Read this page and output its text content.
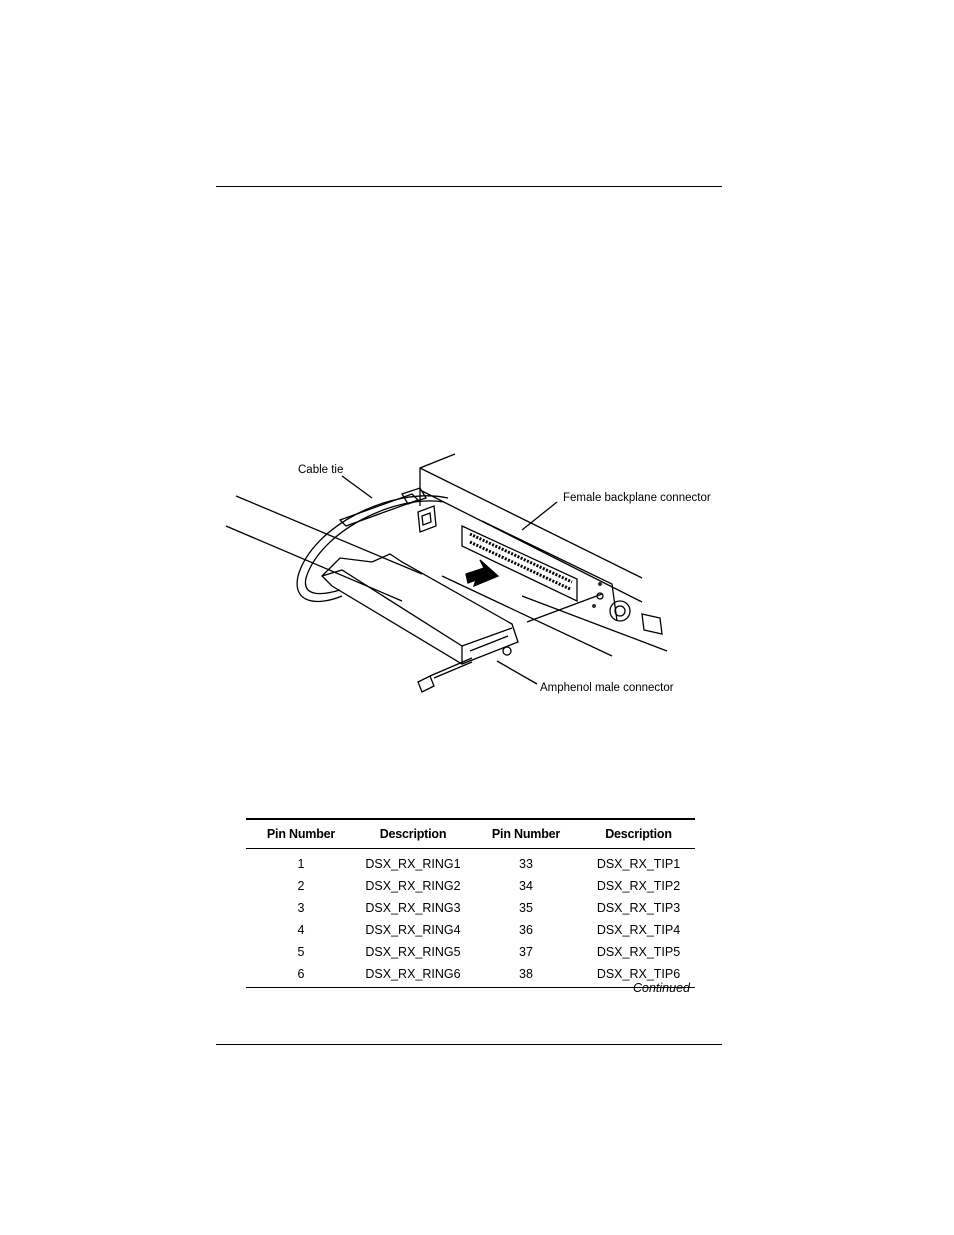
Cable tie
Female backplane connector
Amphenol male connector
Pin Number	Description	Pin Number	Description
1	DSX_RX_RING1	33	DSX_RX_TIP1
2	DSX_RX_RING2	34	DSX_RX_TIP2
3	DSX_RX_RING3	35	DSX_RX_TIP3
4	DSX_RX_RING4	36	DSX_RX_TIP4
5	DSX_RX_RING5	37	DSX_RX_TIP5
6	DSX_RX_RING6	38	DSX_RX_TIP6
Continued
